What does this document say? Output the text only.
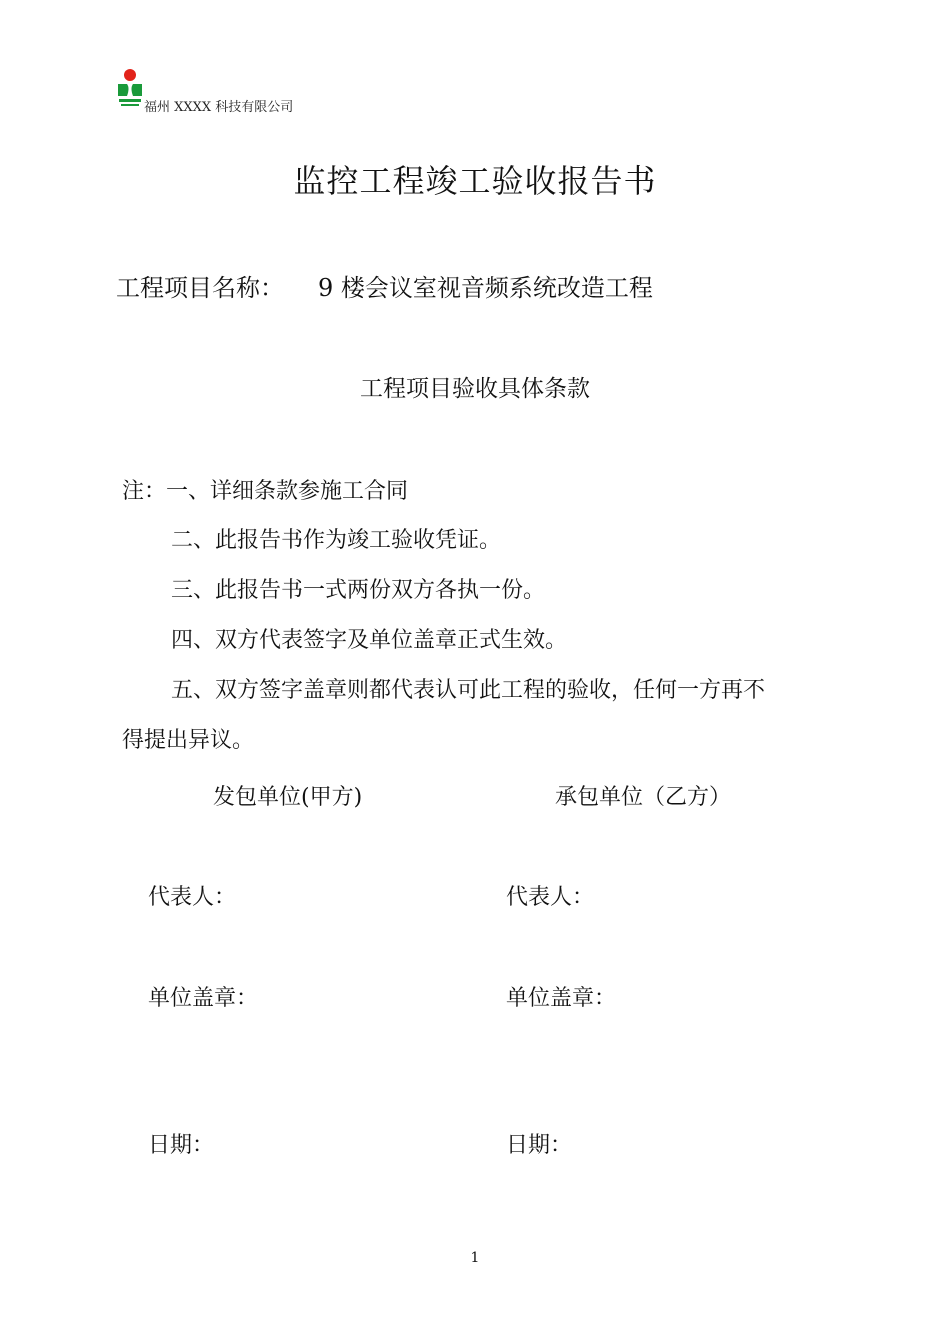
福州 XXXX 科技有限公司
监控工程竣工验收报告书
工程项目名称： 9 楼会议室视音频系统改造工程
工程项目验收具体条款
注：一、详细条款参施工合同
二、此报告书作为竣工验收凭证。
三、此报告书一式两份双方各执一份。
四、双方代表签字及单位盖章正式生效。
五、双方签字盖章则都代表认可此工程的验收，任何一方再不
得提出异议。
发包单位(甲方)	承包单位（乙方）
代表人：	代表人：
单位盖章：	单位盖章：
日期：	日期：
1
